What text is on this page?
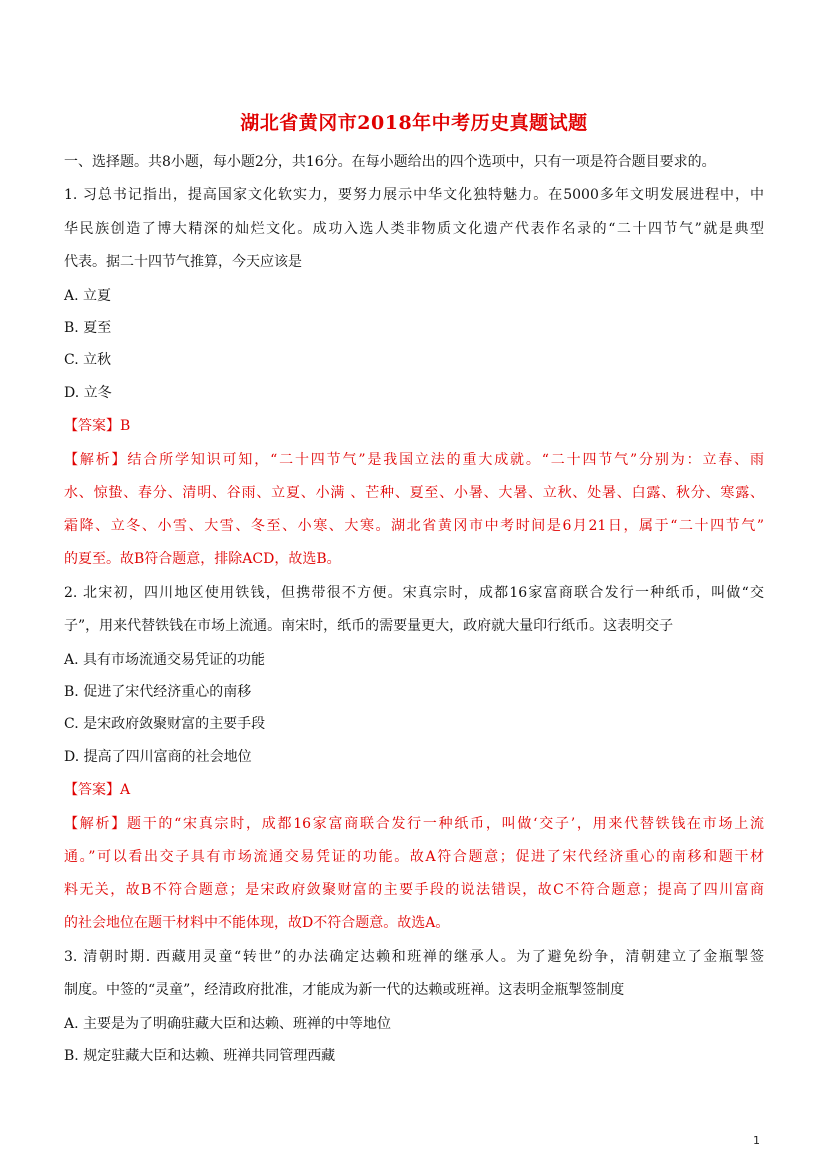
湖北省黄冈市2018年中考历史真题试题
一、选择题。共8小题，每小题2分，共16分。在每小题给出的四个选项中，只有一项是符合题目要求的。
1. 习总书记指出，提高国家文化软实力，要努力展示中华文化独特魅力。在5000多年文明发展进程中，中
华民族创造了博大精深的灿烂文化。成功入选人类非物质文化遗产代表作名录的“二十四节气”就是典型
代表。据二十四节气推算，今天应该是
A. 立夏
B. 夏至
C. 立秋
D. 立冬
【答案】B
【解析】结合所学知识可知，“二十四节气”是我国立法的重大成就。“二十四节气”分别为：立春、雨
水、惊蛰、春分、清明、谷雨、立夏、小满 、芒种、夏至、小暑、大暑、立秋、处暑、白露、秋分、寒露、
霜降、立冬、小雪、大雪、冬至、小寒、大寒。湖北省黄冈市中考时间是6月21日，属于“二十四节气”
的夏至。故B符合题意，排除ACD，故选B。
2. 北宋初，四川地区使用铁钱，但携带很不方便。宋真宗时，成都16家富商联合发行一种纸币，叫做“交
子”，用来代替铁钱在市场上流通。南宋时，纸币的需要量更大，政府就大量印行纸币。这表明交子
A. 具有市场流通交易凭证的功能
B. 促进了宋代经济重心的南移
C. 是宋政府敛聚财富的主要手段
D. 提高了四川富商的社会地位
【答案】A
【解析】题干的“宋真宗时，成都16家富商联合发行一种纸币，叫做‘交子’，用来代替铁钱在市场上流
通。”可以看出交子具有市场流通交易凭证的功能。故A符合题意；促进了宋代经济重心的南移和题干材
料无关，故B不符合题意；是宋政府敛聚财富的主要手段的说法错误，故C不符合题意；提高了四川富商
的社会地位在题干材料中不能体现，故D不符合题意。故选A。
3. 清朝时期. 西藏用灵童“转世”的办法确定达赖和班禅的继承人。为了避免纷争，清朝建立了金瓶掣签
制度。中签的“灵童”，经清政府批准，才能成为新一代的达赖或班禅。这表明金瓶掣签制度
A. 主要是为了明确驻藏大臣和达赖、班禅的中等地位
B. 规定驻藏大臣和达赖、班禅共同管理西藏
1
